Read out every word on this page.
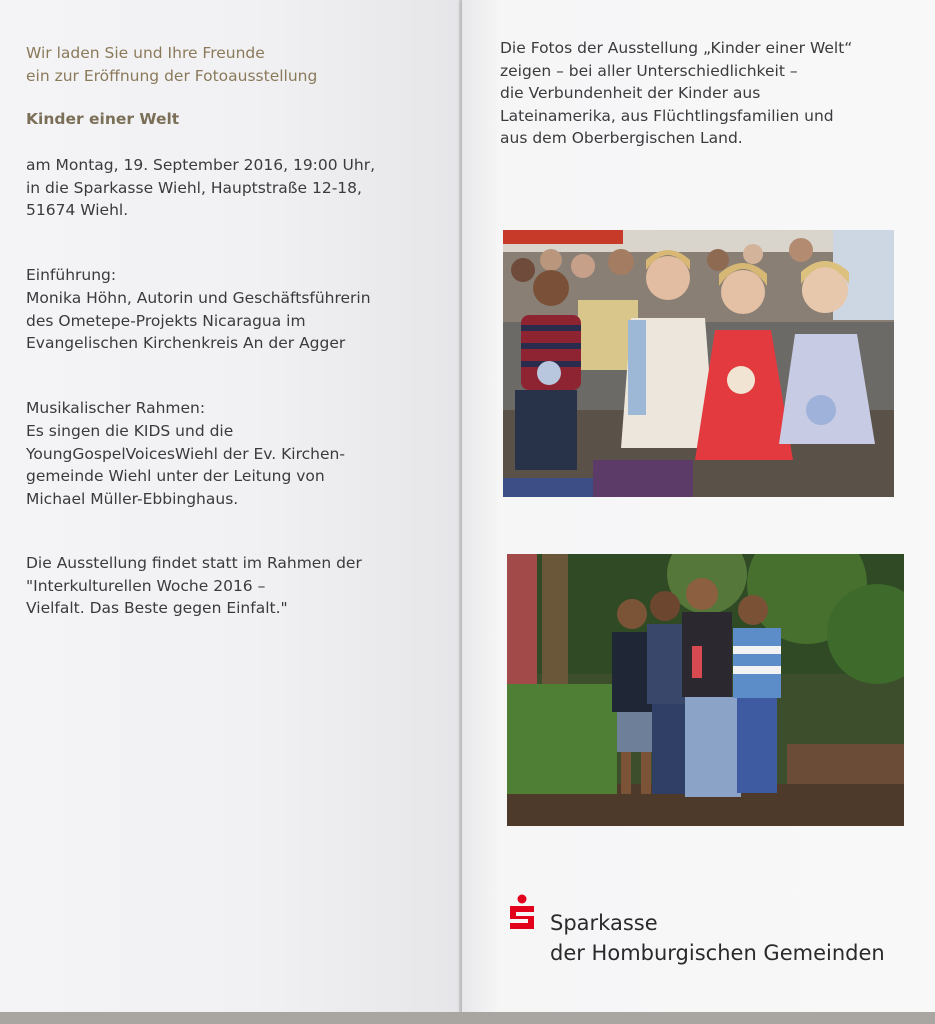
Wir laden Sie und Ihre Freunde
ein zur Eröffnung der Fotoausstellung

Kinder einer Welt

am Montag, 19. September 2016, 19:00 Uhr,
in die Sparkasse Wiehl, Hauptstraße 12-18,
51674 Wiehl.

Einführung:

Monika Höhn, Autorin und Geschäftsführerin
des Ometepe-Projekts Nicaragua im
Evangelischen Kirchenkreis An der Agger

Musikalischer Rahmen:

Es singen die KIDS und die
YoungGospelVoicesWiehl der Ev. Kirchen-
gemeinde Wiehl unter der Leitung von
Michael Müller-Ebbinghaus.

Die Ausstellung findet statt im Rahmen der
"Interkulturellen Woche 2016 –
Vielfalt. Das Beste gegen Einfalt."

Die Fotos der Ausstellung „Kinder einer Welt“
zeigen – bei aller Unterschiedlichkeit –
die Verbundenheit der Kinder aus
Lateinamerika, aus Flüchtlingsfamilien und
aus dem Oberbergischen Land.

Sparkasse
der Homburgischen Gemeinden
